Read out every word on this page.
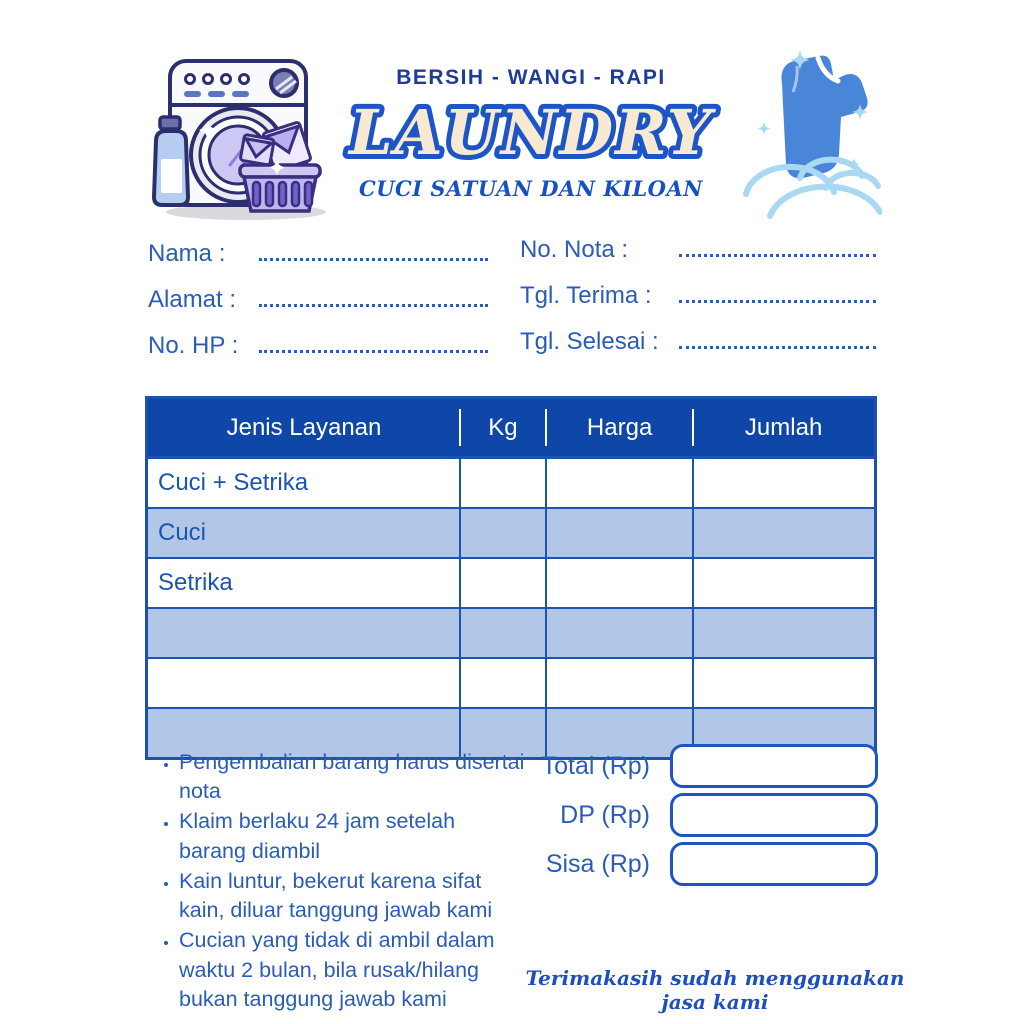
BERSIH - WANGI - RAPI
LAUNDRY
CUCI SATUAN DAN KILOAN
Nama :
Alamat :
No. HP :
No. Nota :
Tgl. Terima :
Tgl. Selesai :
Jenis Layanan	Kg	Harga	Jumlah
Cuci + Setrika			
Cuci			
Setrika			

• Pengembalian barang harus disertai nota
• Klaim berlaku 24 jam setelah barang diambil
• Kain luntur, bekerut karena sifat kain, diluar tanggung jawab kami
• Cucian yang tidak di ambil dalam waktu 2 bulan, bila rusak/hilang bukan tanggung jawab kami
Total (Rp)
DP (Rp)
Sisa (Rp)
Terimakasih sudah menggunakan jasa kami
